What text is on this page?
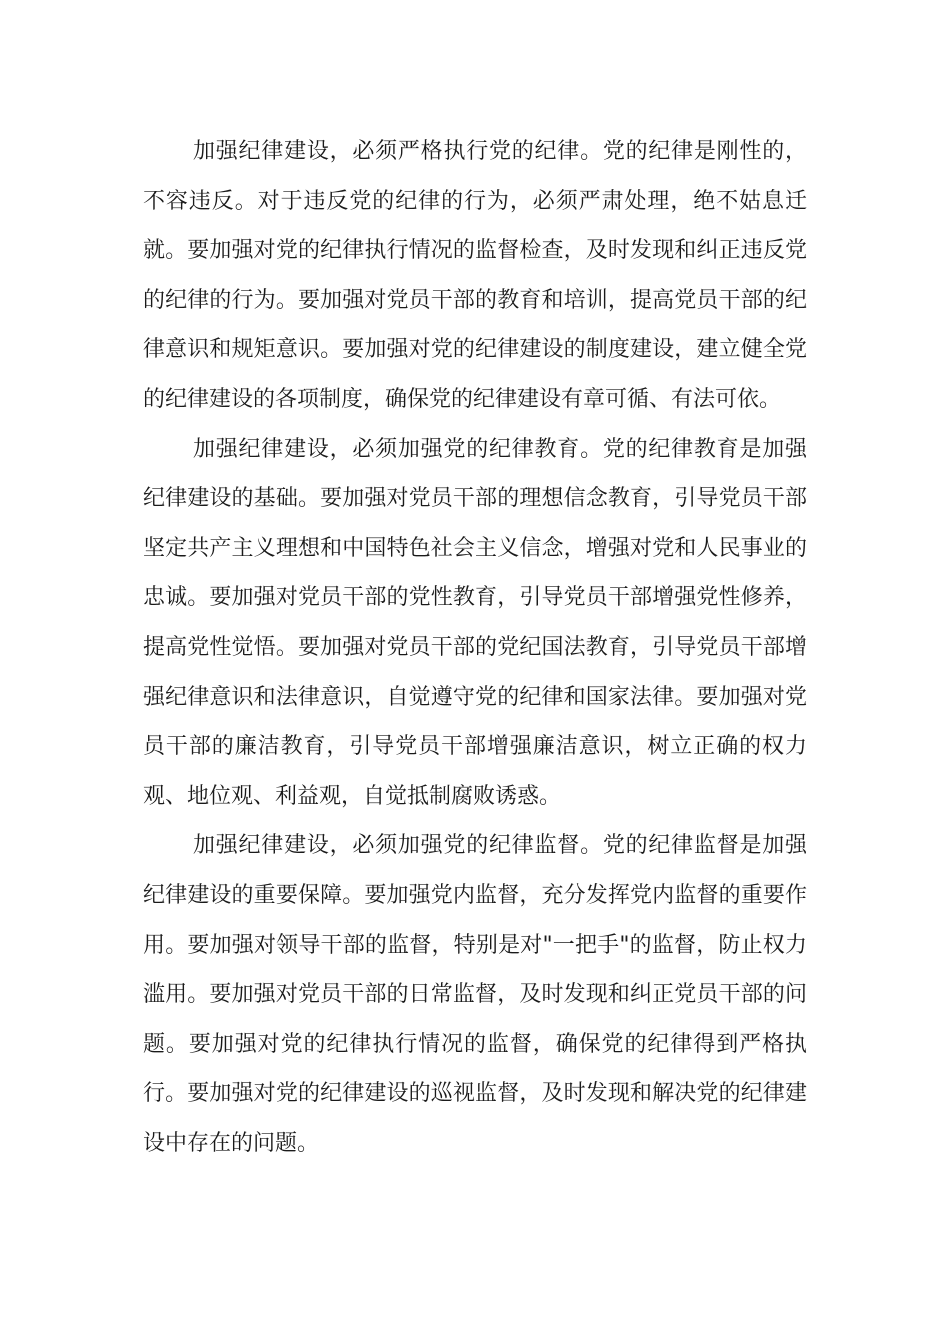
加强纪律建设，必须严格执行党的纪律。党的纪律是刚性的，不容违反。对于违反党的纪律的行为，必须严肃处理，绝不姑息迁就。要加强对党的纪律执行情况的监督检查，及时发现和纠正违反党的纪律的行为。要加强对党员干部的教育和培训，提高党员干部的纪律意识和规矩意识。要加强对党的纪律建设的制度建设，建立健全党的纪律建设的各项制度，确保党的纪律建设有章可循、有法可依。

加强纪律建设，必须加强党的纪律教育。党的纪律教育是加强纪律建设的基础。要加强对党员干部的理想信念教育，引导党员干部坚定共产主义理想和中国特色社会主义信念，增强对党和人民事业的忠诚。要加强对党员干部的党性教育，引导党员干部增强党性修养，提高党性觉悟。要加强对党员干部的党纪国法教育，引导党员干部增强纪律意识和法律意识，自觉遵守党的纪律和国家法律。要加强对党员干部的廉洁教育，引导党员干部增强廉洁意识，树立正确的权力观、地位观、利益观，自觉抵制腐败诱惑。

加强纪律建设，必须加强党的纪律监督。党的纪律监督是加强纪律建设的重要保障。要加强党内监督，充分发挥党内监督的重要作用。要加强对领导干部的监督，特别是对"一把手"的监督，防止权力滥用。要加强对党员干部的日常监督，及时发现和纠正党员干部的问题。要加强对党的纪律执行情况的监督，确保党的纪律得到严格执行。要加强对党的纪律建设的巡视监督，及时发现和解决党的纪律建设中存在的问题。
